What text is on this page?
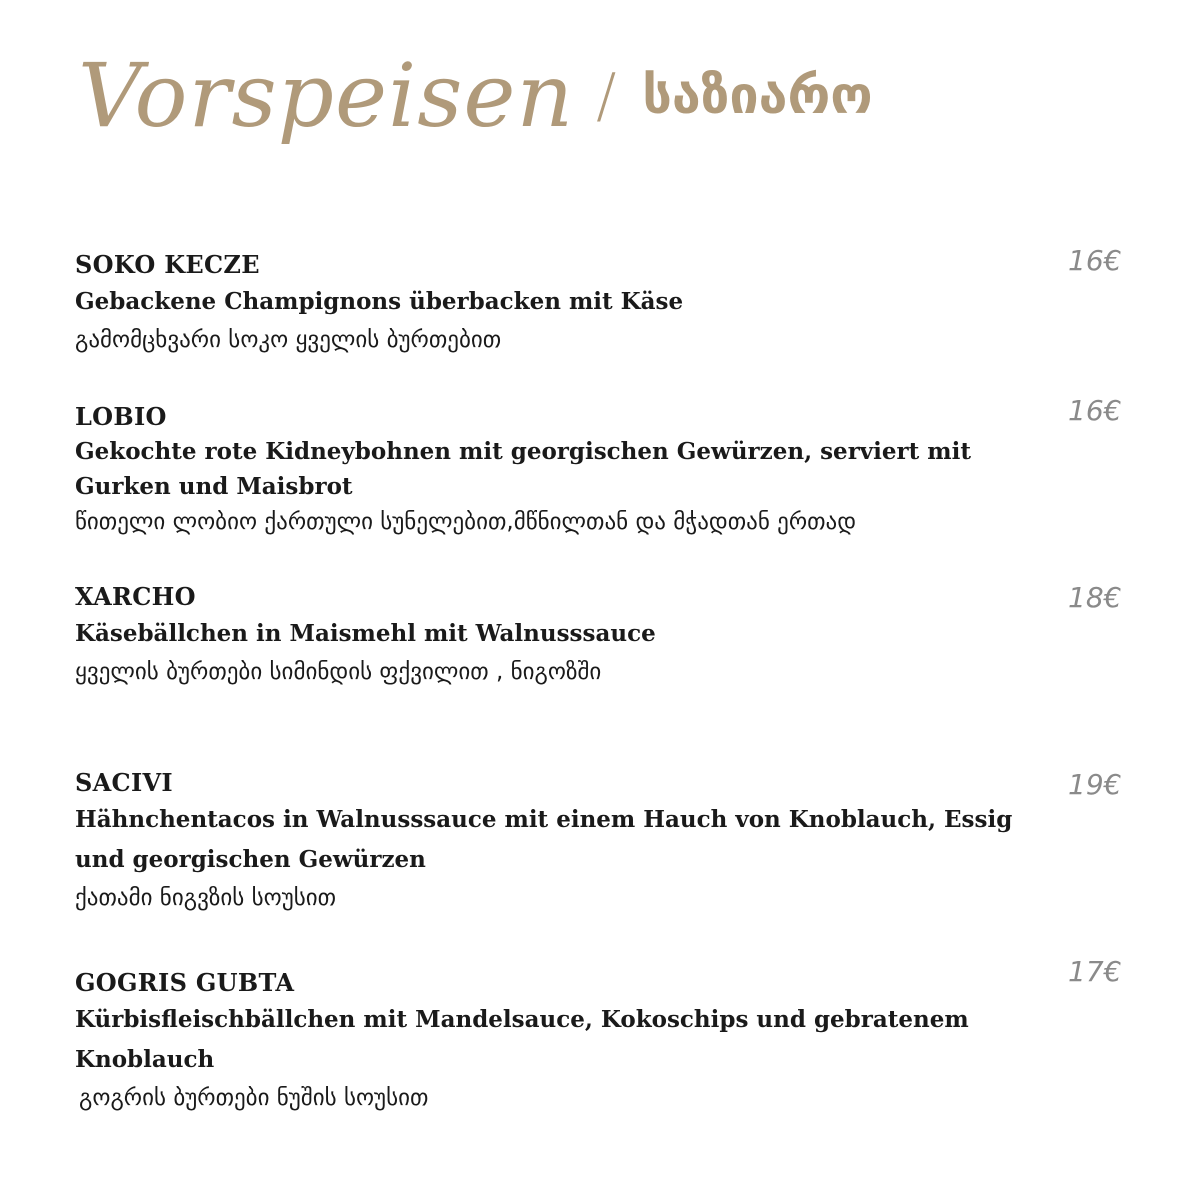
Vorspeisen / საზიარო

SOKO KECZE

Gebackene Champignons überbacken mit Käse

გამომცხვარი სოკო ყველის ბურთებით

16€

LOBIO

Gekochte rote Kidneybohnen mit georgischen Gewürzen, serviert mit Gurken und Maisbrot

წითელი ლობიო ქართული სუნელებით,მწნილთან და მჭადთან ერთად

16€

XARCHO

Käsebällchen in Maismehl mit Walnusssauce

ყველის ბურთები სიმინდის ფქვილით , ნიგოზში

18€

SACIVI

Hähnchentacos in Walnusssauce mit einem Hauch von Knoblauch, Essig und georgischen Gewürzen

ქათამი ნიგვზის სოუსით

19€

GOGRIS GUBTA

Kürbisfleischbällchen mit Mandelsauce, Kokoschips und gebratenem Knoblauch

გოგრის ბურთები ნუშის სოუსით

17€
